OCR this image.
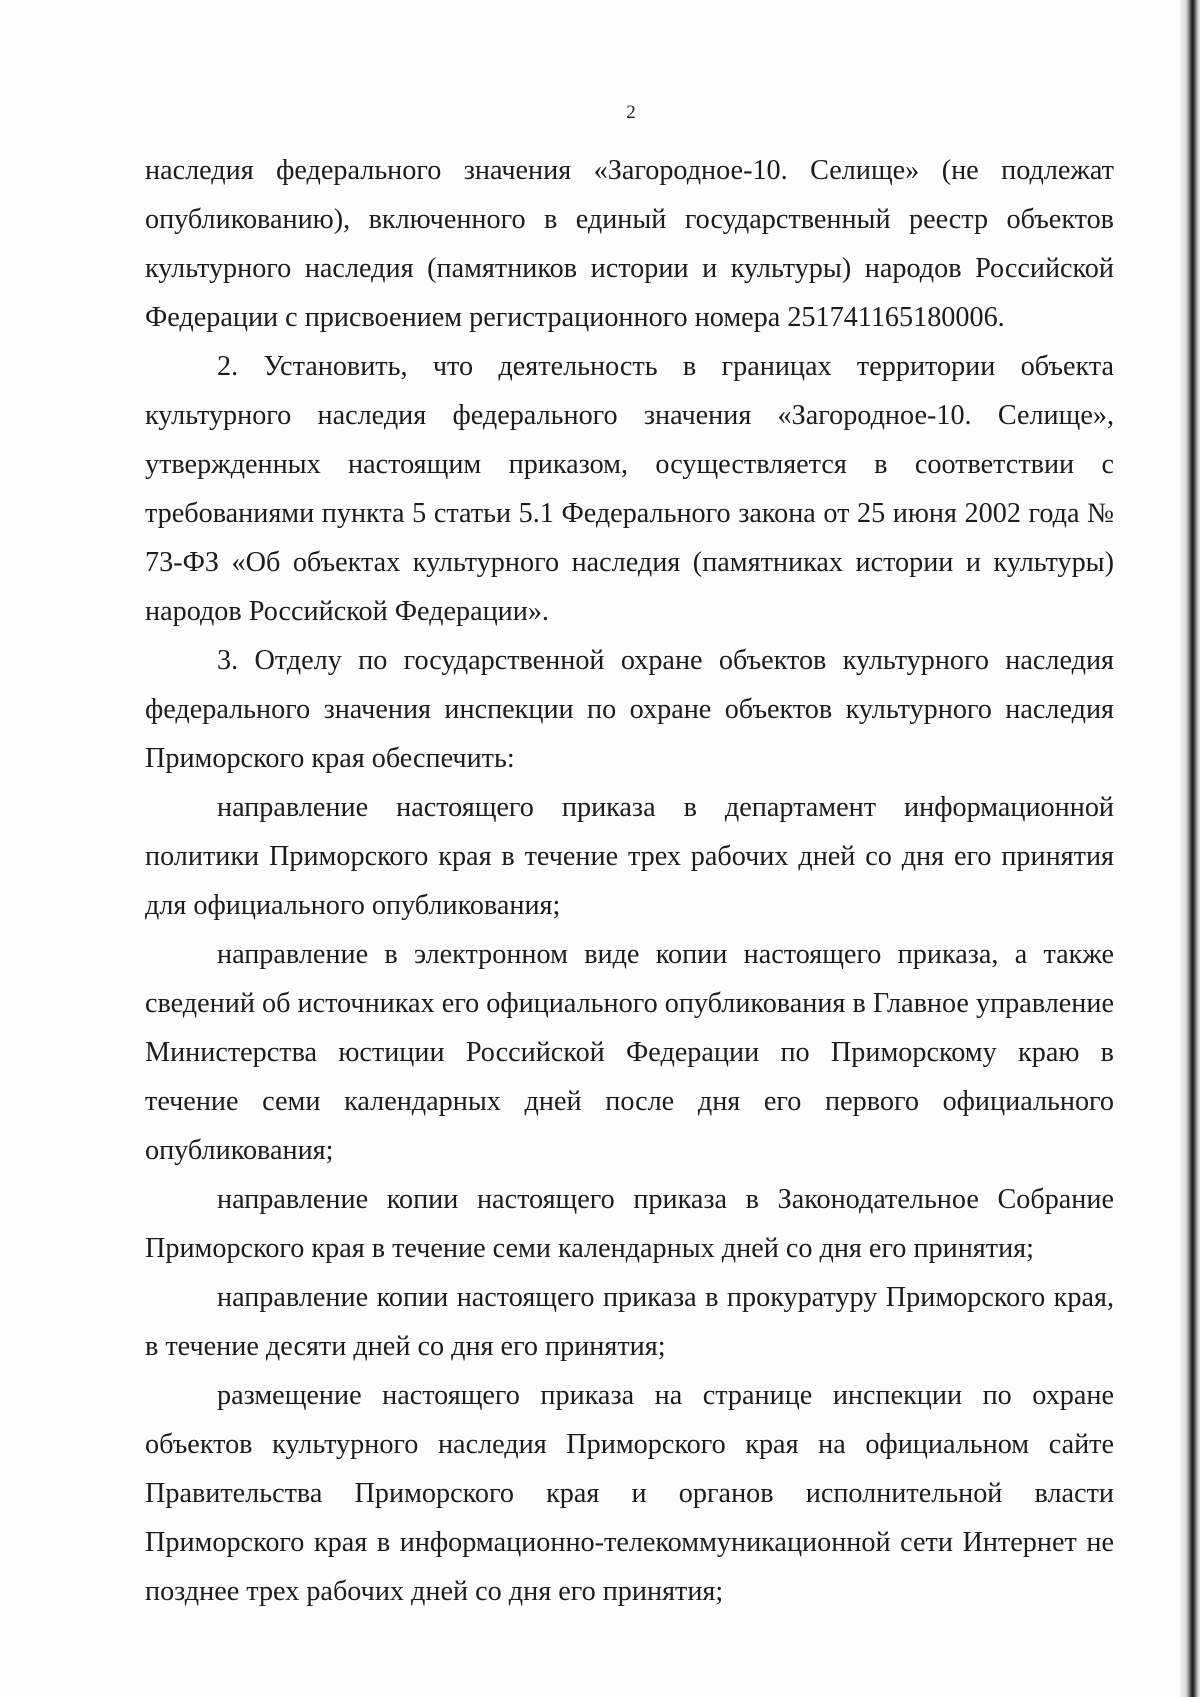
2

наследия федерального значения «Загородное-10. Селище» (не подлежат опубликованию), включенного в единый государственный реестр объектов культурного наследия (памятников истории и культуры) народов Российской Федерации с присвоением регистрационного номера 251741165180006.

2. Установить, что деятельность в границах территории объекта культурного наследия федерального значения «Загородное-10. Селище», утвержденных настоящим приказом, осуществляется в соответствии с требованиями пункта 5 статьи 5.1 Федерального закона от 25 июня 2002 года № 73-ФЗ «Об объектах культурного наследия (памятниках истории и культуры) народов Российской Федерации».

3. Отделу по государственной охране объектов культурного наследия федерального значения инспекции по охране объектов культурного наследия Приморского края обеспечить:

направление настоящего приказа в департамент информационной политики Приморского края в течение трех рабочих дней со дня его принятия для официального опубликования;

направление в электронном виде копии настоящего приказа, а также сведений об источниках его официального опубликования в Главное управление Министерства юстиции Российской Федерации по Приморскому краю в течение семи календарных дней после дня его первого официального опубликования;

направление копии настоящего приказа в Законодательное Собрание Приморского края в течение семи календарных дней со дня его принятия;

направление копии настоящего приказа в прокуратуру Приморского края, в течение десяти дней со дня его принятия;

размещение настоящего приказа на странице инспекции по охране объектов культурного наследия Приморского края на официальном сайте Правительства Приморского края и органов исполнительной власти Приморского края в информационно-телекоммуникационной сети Интернет не позднее трех рабочих дней со дня его принятия;
